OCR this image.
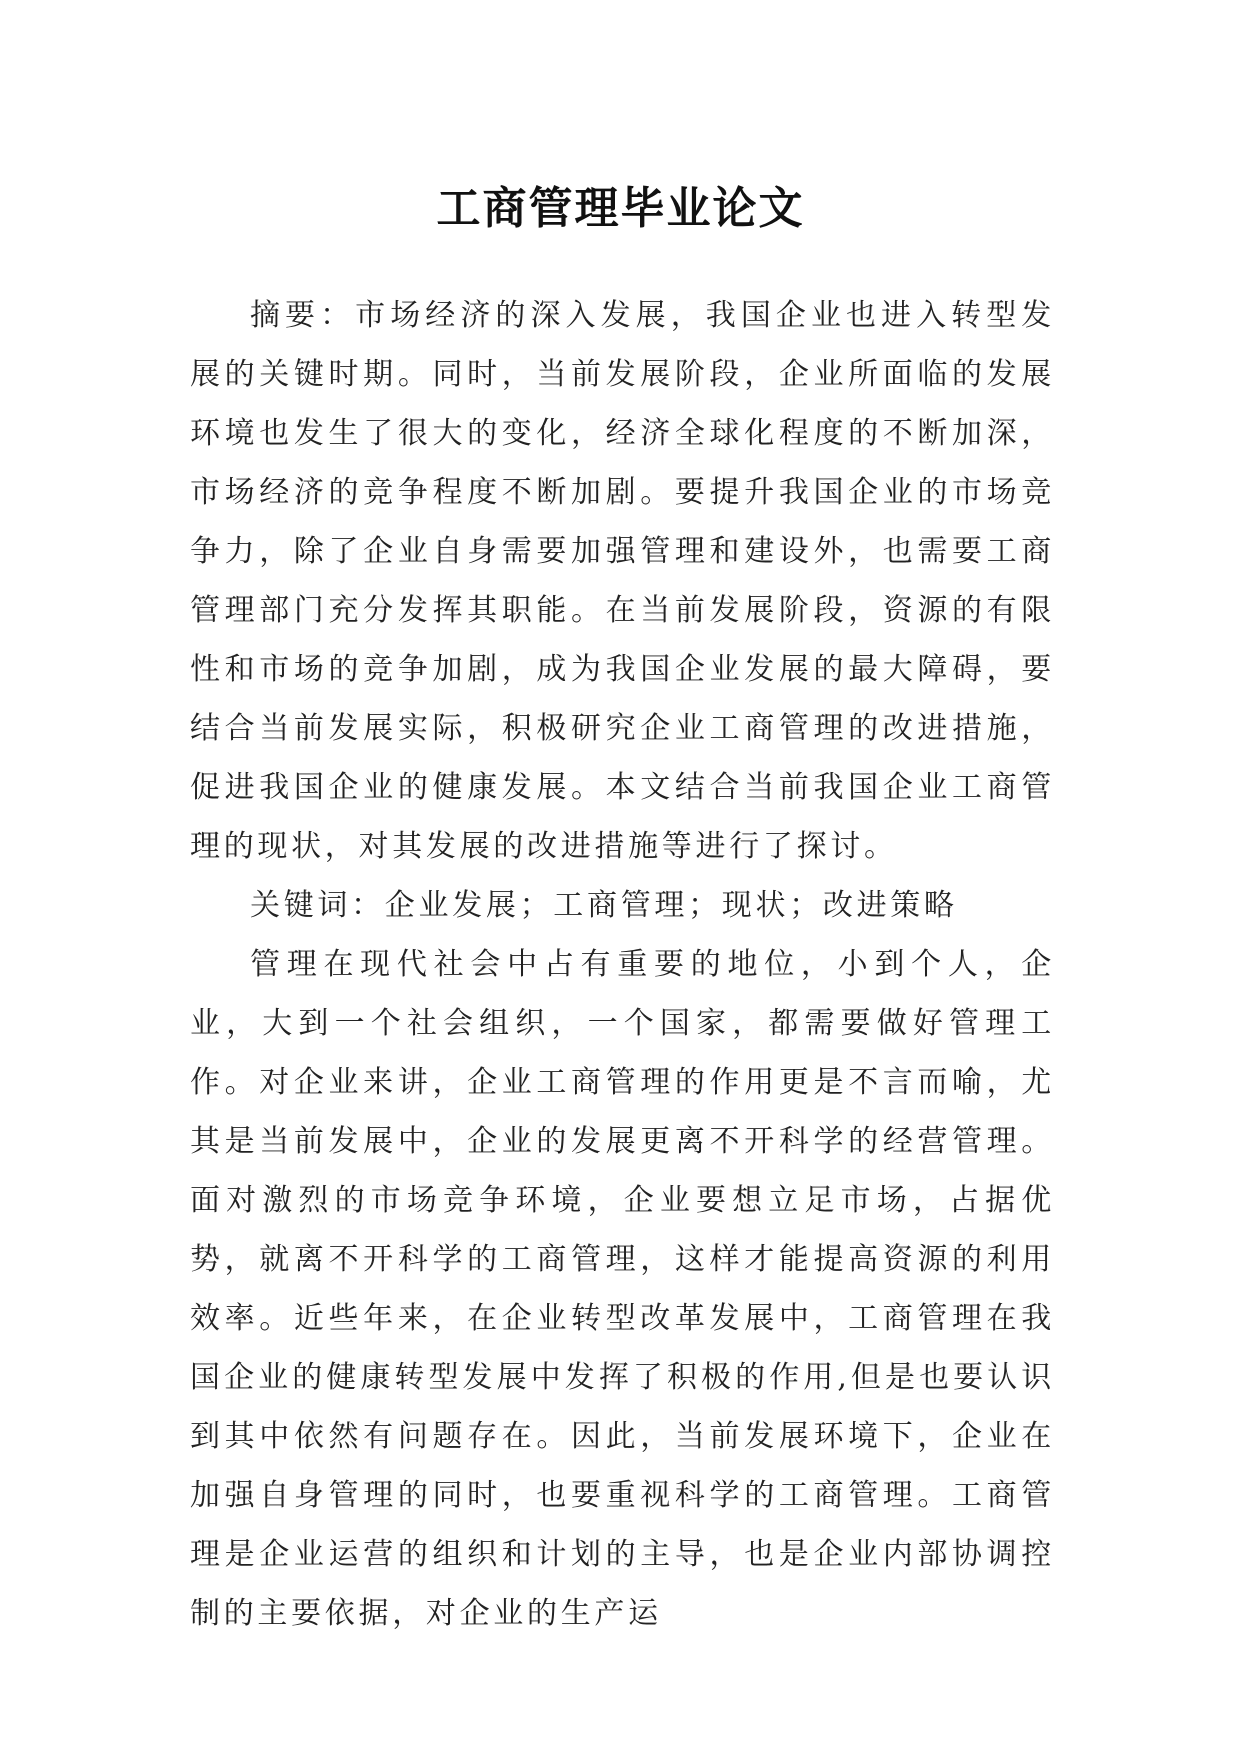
工商管理毕业论文

摘要：市场经济的深入发展，我国企业也进入转型发展的关键时期。同时，当前发展阶段，企业所面临的发展环境也发生了很大的变化，经济全球化程度的不断加深，市场经济的竞争程度不断加剧。要提升我国企业的市场竞争力，除了企业自身需要加强管理和建设外，也需要工商管理部门充分发挥其职能。在当前发展阶段，资源的有限性和市场的竞争加剧，成为我国企业发展的最大障碍，要结合当前发展实际，积极研究企业工商管理的改进措施，促进我国企业的健康发展。本文结合当前我国企业工商管理的现状，对其发展的改进措施等进行了探讨。

关键词：企业发展；工商管理；现状；改进策略

管理在现代社会中占有重要的地位，小到个人，企业，大到一个社会组织，一个国家，都需要做好管理工作。对企业来讲，企业工商管理的作用更是不言而喻，尤其是当前发展中，企业的发展更离不开科学的经营管理。面对激烈的市场竞争环境，企业要想立足市场，占据优势，就离不开科学的工商管理，这样才能提高资源的利用效率。近些年来，在企业转型改革发展中，工商管理在我国企业的健康转型发展中发挥了积极的作用,但是也要认识到其中依然有问题存在。因此，当前发展环境下，企业在加强自身管理的同时，也要重视科学的工商管理。工商管理是企业运营的组织和计划的主导，也是企业内部协调控制的主要依据，对企业的生产运
